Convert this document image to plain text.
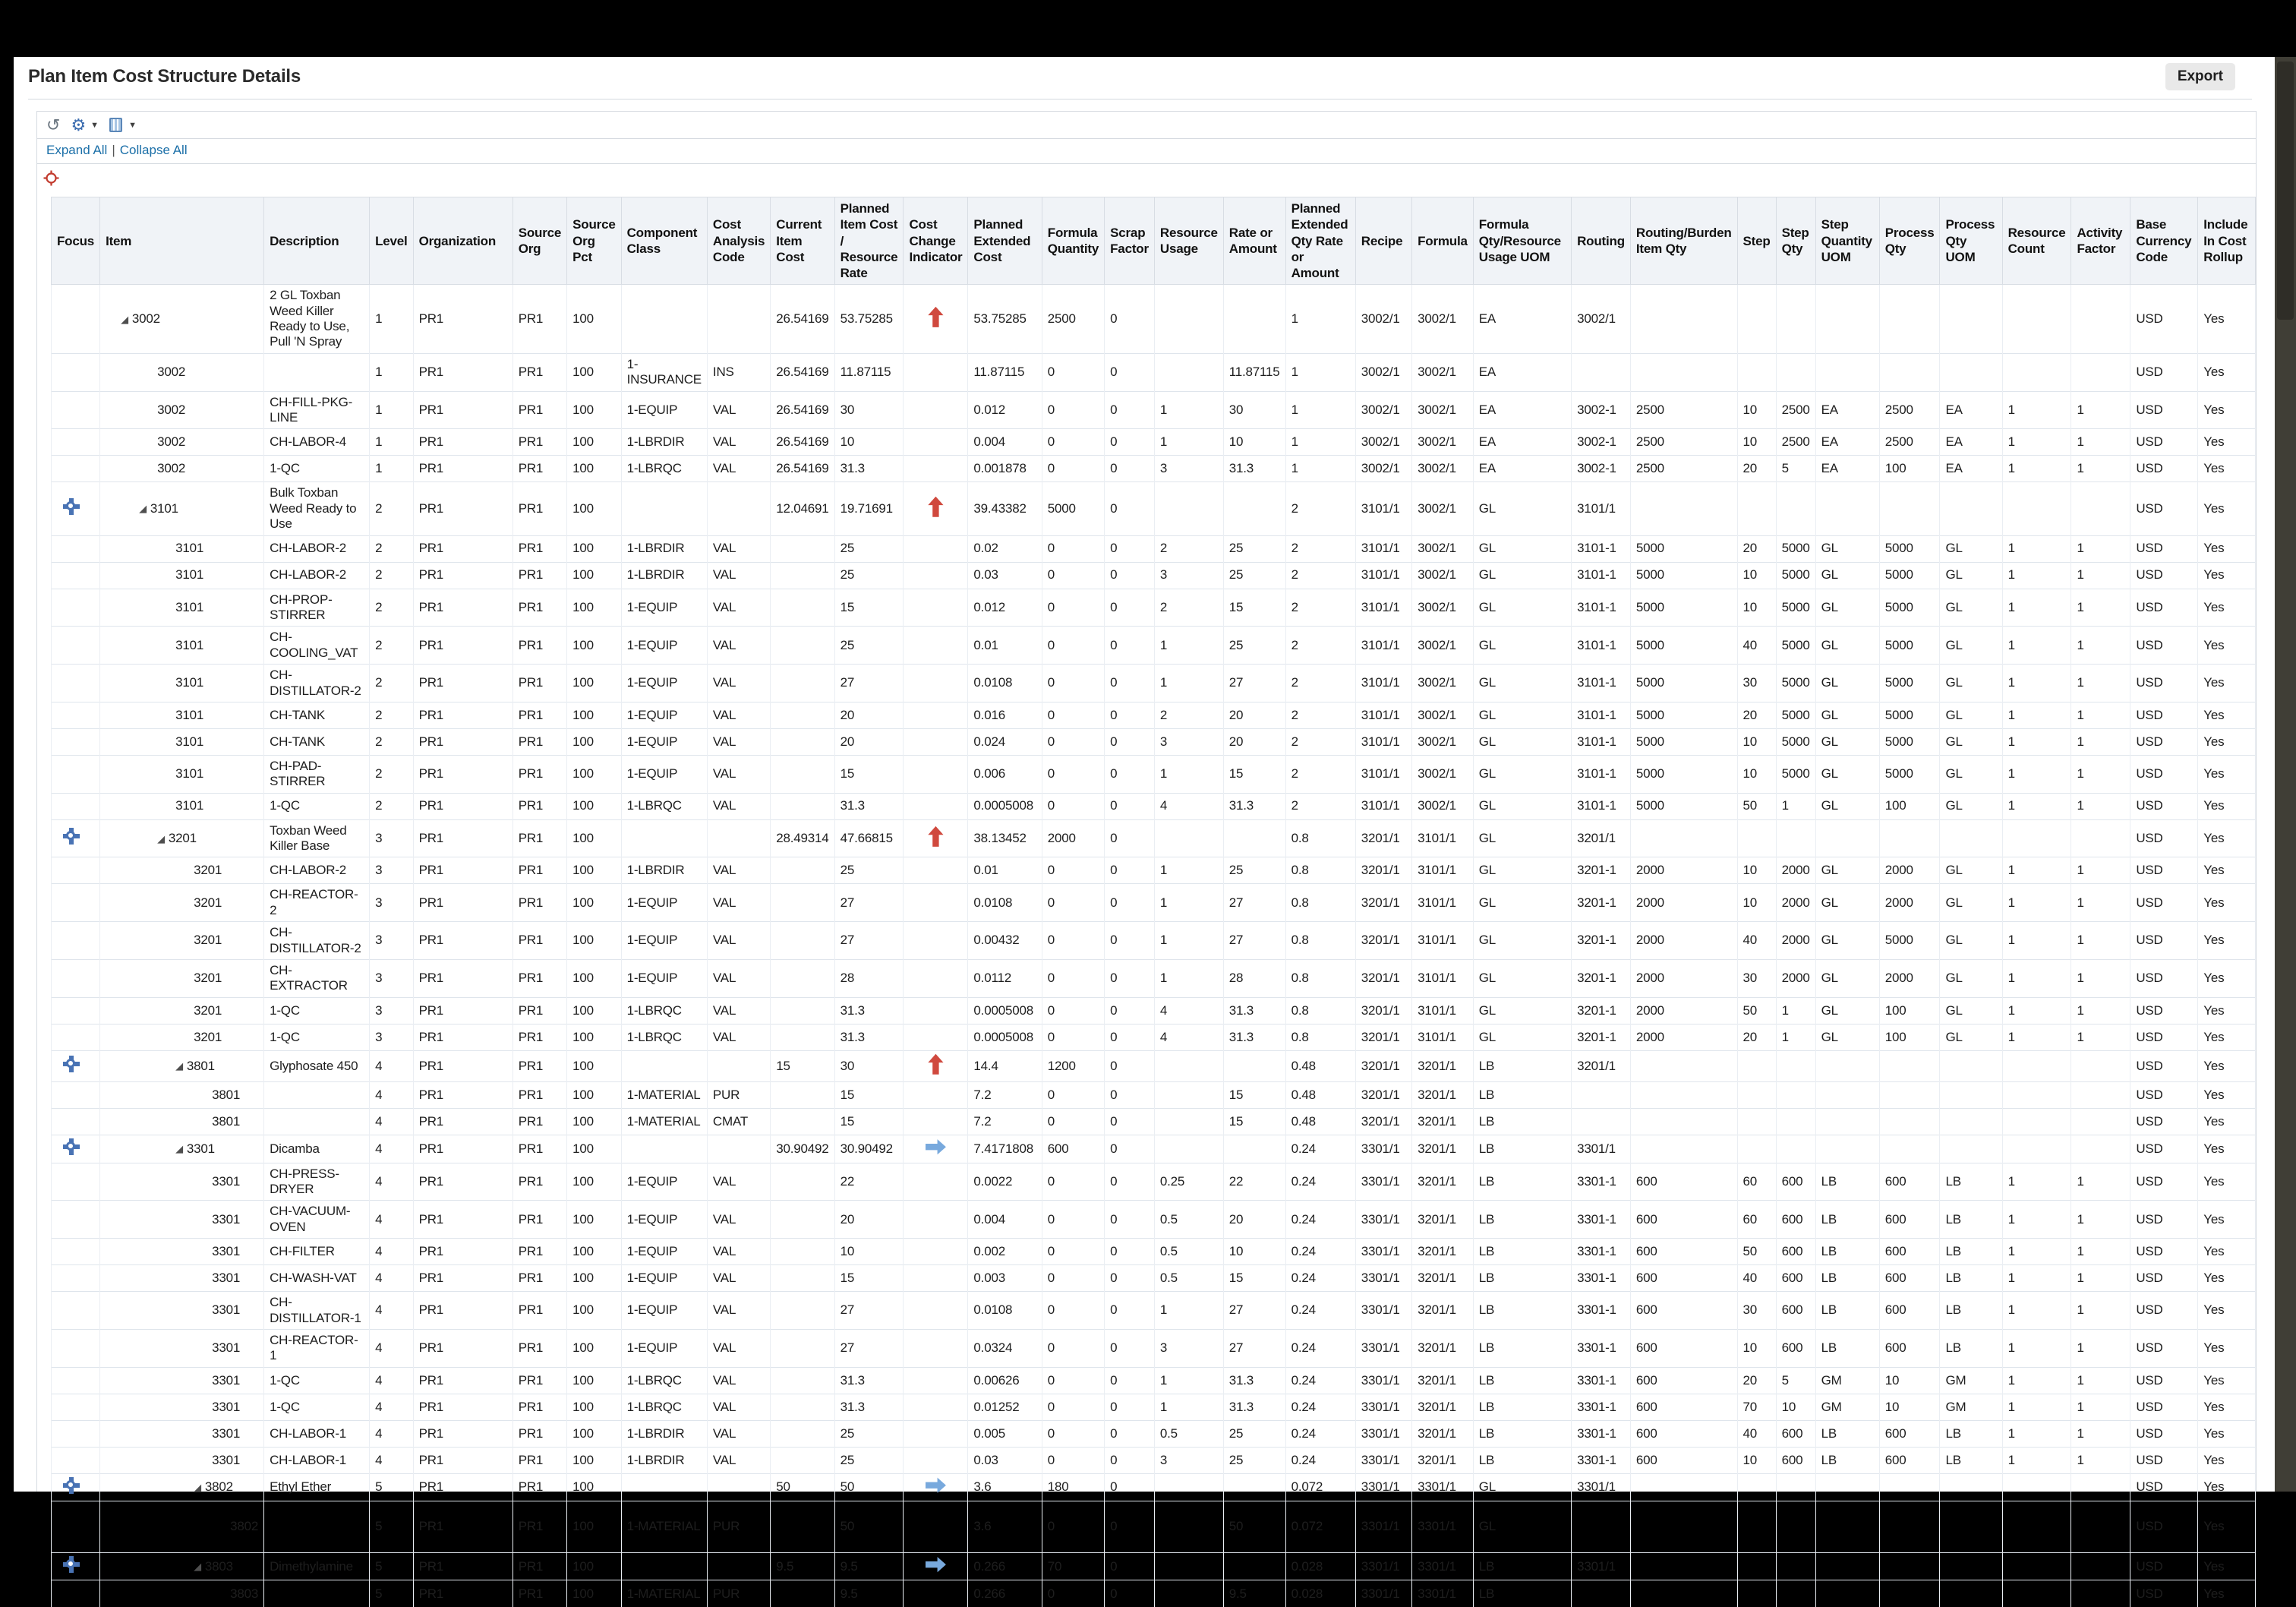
Plan Item Cost Structure Details	Export
↺ ⚙ ▼	▼
Expand All | Collapse All
Focus	Item	Description	Level	Organization	Source Org	Source Org Pct	Component Class	Cost Analysis Code	Current Item Cost	Planned Item Cost / Resource Rate	Cost Change Indicator	Planned Extended Cost	Formula Quantity	Scrap Factor	Resource Usage	Rate or Amount	Planned Extended Qty Rate or Amount	Recipe	Formula	Formula Qty/Resource Usage UOM	Routing	Routing/Burden Item Qty	Step	Step Qty	Step Quantity UOM	Process Qty	Process Qty UOM	Resource Count	Activity Factor	Base Currency Code	Include In Cost Rollup

	◢ 3002	2 GL Toxban Weed Killer Ready to Use, Pull 'N Spray	1	PR1	PR1	100			26.54169	53.75285		53.75285	2500	0			1	3002/1	3002/1	EA	3002/1									USD	Yes

	3002		1	PR1	PR1	100	1-INSURANCE	INS	26.54169	11.87115		11.87115	0	0		11.87115	1	3002/1	3002/1	EA										USD	Yes

	3002	CH-FILL-PKG-LINE	1	PR1	PR1	100	1-EQUIP	VAL	26.54169	30		0.012	0	0	1	30	1	3002/1	3002/1	EA	3002-1	2500	10	2500	EA	2500	EA	1	1	USD	Yes

	3002	CH-LABOR-4	1	PR1	PR1	100	1-LBRDIR	VAL	26.54169	10		0.004	0	0	1	10	1	3002/1	3002/1	EA	3002-1	2500	10	2500	EA	2500	EA	1	1	USD	Yes

	3002	1-QC	1	PR1	PR1	100	1-LBRQC	VAL	26.54169	31.3		0.001878	0	0	3	31.3	1	3002/1	3002/1	EA	3002-1	2500	20	5	EA	100	EA	1	1	USD	Yes

	◢ 3101	Bulk Toxban Weed Ready to Use	2	PR1	PR1	100			12.04691	19.71691		39.43382	5000	0			2	3101/1	3002/1	GL	3101/1									USD	Yes

	3101	CH-LABOR-2	2	PR1	PR1	100	1-LBRDIR	VAL		25		0.02	0	0	2	25	2	3101/1	3002/1	GL	3101-1	5000	20	5000	GL	5000	GL	1	1	USD	Yes

	3101	CH-LABOR-2	2	PR1	PR1	100	1-LBRDIR	VAL		25		0.03	0	0	3	25	2	3101/1	3002/1	GL	3101-1	5000	10	5000	GL	5000	GL	1	1	USD	Yes

	3101	CH-PROP-STIRRER	2	PR1	PR1	100	1-EQUIP	VAL		15		0.012	0	0	2	15	2	3101/1	3002/1	GL	3101-1	5000	10	5000	GL	5000	GL	1	1	USD	Yes

	3101	CH-COOLING_VAT	2	PR1	PR1	100	1-EQUIP	VAL		25		0.01	0	0	1	25	2	3101/1	3002/1	GL	3101-1	5000	40	5000	GL	5000	GL	1	1	USD	Yes

	3101	CH-DISTILLATOR-2	2	PR1	PR1	100	1-EQUIP	VAL		27		0.0108	0	0	1	27	2	3101/1	3002/1	GL	3101-1	5000	30	5000	GL	5000	GL	1	1	USD	Yes

	3101	CH-TANK	2	PR1	PR1	100	1-EQUIP	VAL		20		0.016	0	0	2	20	2	3101/1	3002/1	GL	3101-1	5000	20	5000	GL	5000	GL	1	1	USD	Yes

	3101	CH-TANK	2	PR1	PR1	100	1-EQUIP	VAL		20		0.024	0	0	3	20	2	3101/1	3002/1	GL	3101-1	5000	10	5000	GL	5000	GL	1	1	USD	Yes

	3101	CH-PAD-STIRRER	2	PR1	PR1	100	1-EQUIP	VAL		15		0.006	0	0	1	15	2	3101/1	3002/1	GL	3101-1	5000	10	5000	GL	5000	GL	1	1	USD	Yes

	3101	1-QC	2	PR1	PR1	100	1-LBRQC	VAL		31.3		0.0005008	0	0	4	31.3	2	3101/1	3002/1	GL	3101-1	5000	50	1	GL	100	GL	1	1	USD	Yes

	◢ 3201	Toxban Weed Killer Base	3	PR1	PR1	100			28.49314	47.66815		38.13452	2000	0			0.8	3201/1	3101/1	GL	3201/1									USD	Yes

	3201	CH-LABOR-2	3	PR1	PR1	100	1-LBRDIR	VAL		25		0.01	0	0	1	25	0.8	3201/1	3101/1	GL	3201-1	2000	10	2000	GL	2000	GL	1	1	USD	Yes

	3201	CH-REACTOR-2	3	PR1	PR1	100	1-EQUIP	VAL		27		0.0108	0	0	1	27	0.8	3201/1	3101/1	GL	3201-1	2000	10	2000	GL	2000	GL	1	1	USD	Yes

	3201	CH-DISTILLATOR-2	3	PR1	PR1	100	1-EQUIP	VAL		27		0.00432	0	0	1	27	0.8	3201/1	3101/1	GL	3201-1	2000	40	2000	GL	5000	GL	1	1	USD	Yes

	3201	CH-EXTRACTOR	3	PR1	PR1	100	1-EQUIP	VAL		28		0.0112	0	0	1	28	0.8	3201/1	3101/1	GL	3201-1	2000	30	2000	GL	2000	GL	1	1	USD	Yes

	3201	1-QC	3	PR1	PR1	100	1-LBRQC	VAL		31.3		0.0005008	0	0	4	31.3	0.8	3201/1	3101/1	GL	3201-1	2000	50	1	GL	100	GL	1	1	USD	Yes

	3201	1-QC	3	PR1	PR1	100	1-LBRQC	VAL		31.3		0.0005008	0	0	4	31.3	0.8	3201/1	3101/1	GL	3201-1	2000	20	1	GL	100	GL	1	1	USD	Yes

	◢ 3801	Glyphosate 450	4	PR1	PR1	100			15	30		14.4	1200	0			0.48	3201/1	3201/1	LB	3201/1									USD	Yes

	3801		4	PR1	PR1	100	1-MATERIAL	PUR		15		7.2	0	0		15	0.48	3201/1	3201/1	LB										USD	Yes

	3801		4	PR1	PR1	100	1-MATERIAL	CMAT		15		7.2	0	0		15	0.48	3201/1	3201/1	LB										USD	Yes

	◢ 3301	Dicamba	4	PR1	PR1	100			30.90492	30.90492		7.4171808	600	0			0.24	3301/1	3201/1	LB	3301/1									USD	Yes

	3301	CH-PRESS-DRYER	4	PR1	PR1	100	1-EQUIP	VAL		22		0.0022	0	0	0.25	22	0.24	3301/1	3201/1	LB	3301-1	600	60	600	LB	600	LB	1	1	USD	Yes

	3301	CH-VACUUM-OVEN	4	PR1	PR1	100	1-EQUIP	VAL		20		0.004	0	0	0.5	20	0.24	3301/1	3201/1	LB	3301-1	600	60	600	LB	600	LB	1	1	USD	Yes

	3301	CH-FILTER	4	PR1	PR1	100	1-EQUIP	VAL		10		0.002	0	0	0.5	10	0.24	3301/1	3201/1	LB	3301-1	600	50	600	LB	600	LB	1	1	USD	Yes

	3301	CH-WASH-VAT	4	PR1	PR1	100	1-EQUIP	VAL		15		0.003	0	0	0.5	15	0.24	3301/1	3201/1	LB	3301-1	600	40	600	LB	600	LB	1	1	USD	Yes

	3301	CH-DISTILLATOR-1	4	PR1	PR1	100	1-EQUIP	VAL		27		0.0108	0	0	1	27	0.24	3301/1	3201/1	LB	3301-1	600	30	600	LB	600	LB	1	1	USD	Yes

	3301	CH-REACTOR-1	4	PR1	PR1	100	1-EQUIP	VAL		27		0.0324	0	0	3	27	0.24	3301/1	3201/1	LB	3301-1	600	10	600	LB	600	LB	1	1	USD	Yes

	3301	1-QC	4	PR1	PR1	100	1-LBRQC	VAL		31.3		0.00626	0	0	1	31.3	0.24	3301/1	3201/1	LB	3301-1	600	20	5	GM	10	GM	1	1	USD	Yes

	3301	1-QC	4	PR1	PR1	100	1-LBRQC	VAL		31.3		0.01252	0	0	1	31.3	0.24	3301/1	3201/1	LB	3301-1	600	70	10	GM	10	GM	1	1	USD	Yes

	3301	CH-LABOR-1	4	PR1	PR1	100	1-LBRDIR	VAL		25		0.005	0	0	0.5	25	0.24	3301/1	3201/1	LB	3301-1	600	40	600	LB	600	LB	1	1	USD	Yes

	3301	CH-LABOR-1	4	PR1	PR1	100	1-LBRDIR	VAL		25		0.03	0	0	3	25	0.24	3301/1	3201/1	LB	3301-1	600	10	600	LB	600	LB	1	1	USD	Yes

	◢ 3802	Ethyl Ether	5	PR1	PR1	100			50	50		3.6	180	0			0.072	3301/1	3301/1	GL	3301/1									USD	Yes

	3802		5	PR1	PR1	100	1-MATERIAL	PUR		50		3.6	0	0		50	0.072	3301/1	3301/1	GL										USD	Yes

	◢ 3803	Dimethylamine	5	PR1	PR1	100			9.5	9.5		0.266	70	0			0.028	3301/1	3301/1	LB	3301/1									USD	Yes

	3803		5	PR1	PR1	100	1-MATERIAL	PUR		9.5		0.266	0	0		9.5	0.028	3301/1	3301/1	LB										USD	Yes
